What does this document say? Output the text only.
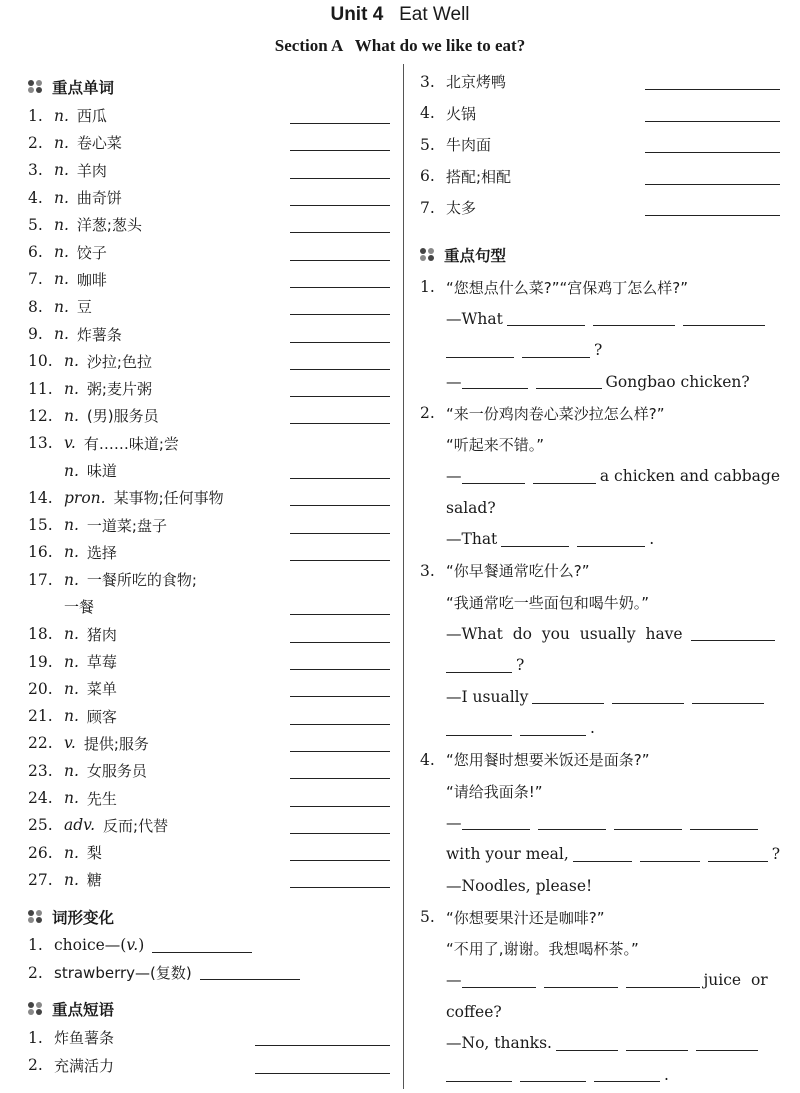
Unit 4 Eat Well
Section A   What do we like to eat?
重点单词
1. n. 西瓜
2. n. 卷心菜
3. n. 羊肉
4. n. 曲奇饼
5. n. 洋葱;葱头
6. n. 饺子
7. n. 咖啡
8. n. 豆
9. n. 炸薯条
10. n. 沙拉;色拉
11. n. 粥;麦片粥
12. n. (男)服务员
13. v. 有……味道;尝
n. 味道
14. pron. 某事物;任何事物
15. n. 一道菜;盘子
16. n. 选择
17. n. 一餐所吃的食物;
一餐
18. n. 猪肉
19. n. 草莓
20. n. 菜单
21. n. 顾客
22. v. 提供;服务
23. n. 女服务员
24. n. 先生
25. adv. 反而;代替
26. n. 梨
27. n. 糖
词形变化
1. choice—( v. )
2. strawberry—(复数)
重点短语
1. 炸鱼薯条
2. 充满活力
3. 北京烤鸭
4. 火锅
5. 牛肉面
6. 搭配;相配
7. 太多
重点句型
1. “您想点什么菜?”“宫保鸡丁怎么样?”
—What
?
—	Gongbao chicken?
2. “来一份鸡肉卷心菜沙拉怎么样?”
“听起来不错。”
—	a chicken and cabbage
salad?
—That	.
3. “你早餐通常吃什么?”
“我通常吃一些面包和喝牛奶。”
—What  do  you  usually  have
?
—I usually
.
4. “您用餐时想要米饭还是面条?”
“请给我面条!”
—
with your meal,	?
—Noodles, please!
5. “你想要果汁还是咖啡?”
“不用了,谢谢。我想喝杯茶。”
—	juice  or
coffee?
—No, thanks.
.
